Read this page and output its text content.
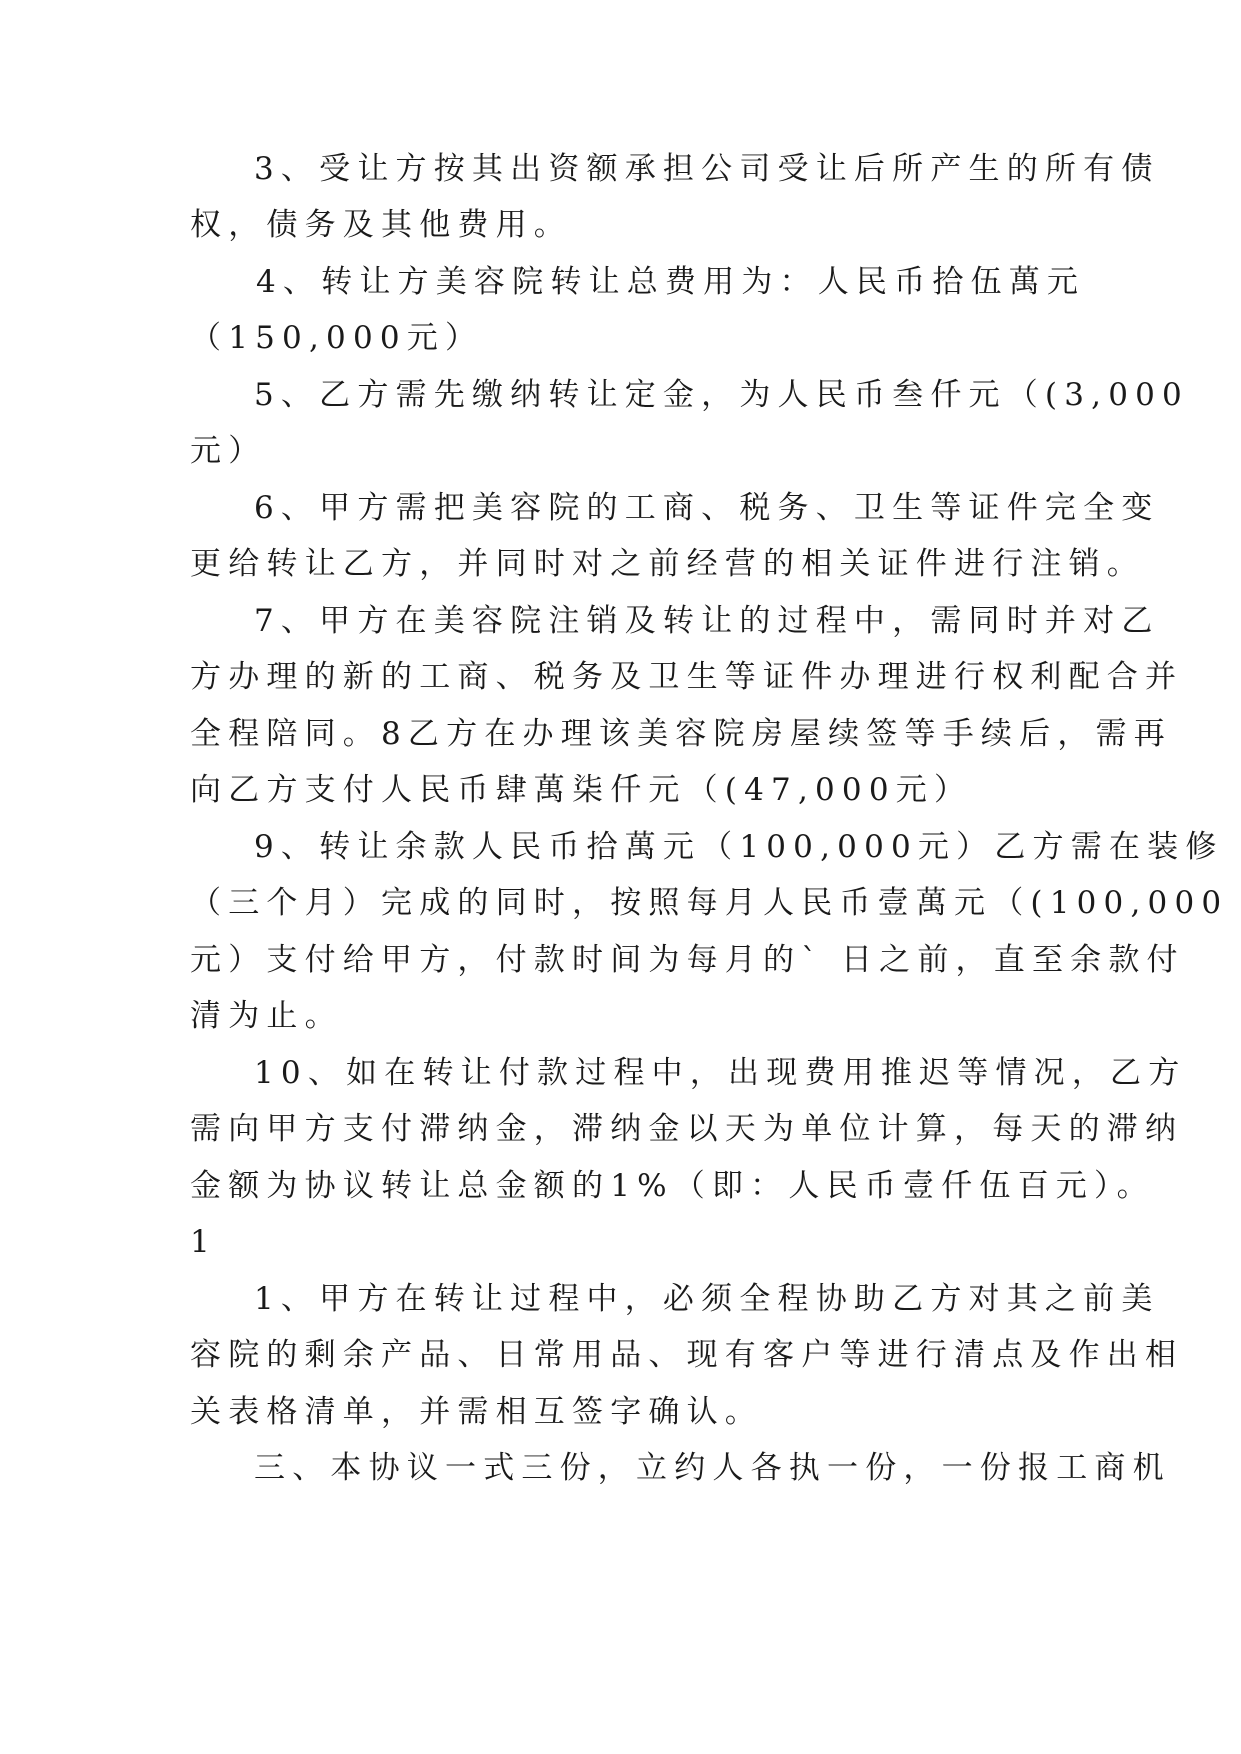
3、受让方按其出资额承担公司受让后所产生的所有债
权，债务及其他费用。
4、转让方美容院转让总费用为：人民币拾伍萬元
（150,000元）
5、乙方需先缴纳转让定金，为人民币叁仟元（(3,000
元）
6、甲方需把美容院的工商、税务、卫生等证件完全变
更给转让乙方，并同时对之前经营的相关证件进行注销。
7、甲方在美容院注销及转让的过程中，需同时并对乙
方办理的新的工商、税务及卫生等证件办理进行权利配合并
全程陪同。8乙方在办理该美容院房屋续签等手续后，需再
向乙方支付人民币肆萬柒仟元（(47,000元）
9、转让余款人民币拾萬元（100,000元）乙方需在装修
（三个月）完成的同时，按照每月人民币壹萬元（(100,000
元）支付给甲方，付款时间为每月的` 日之前，直至余款付
清为止。
10、如在转让付款过程中，出现费用推迟等情况，乙方
需向甲方支付滞纳金，滞纳金以天为单位计算，每天的滞纳
金额为协议转让总金额的1%（即：人民币壹仟伍百元）。
1
1、甲方在转让过程中，必须全程协助乙方对其之前美
容院的剩余产品、日常用品、现有客户等进行清点及作出相
关表格清单，并需相互签字确认。
三、本协议一式三份，立约人各执一份，一份报工商机
